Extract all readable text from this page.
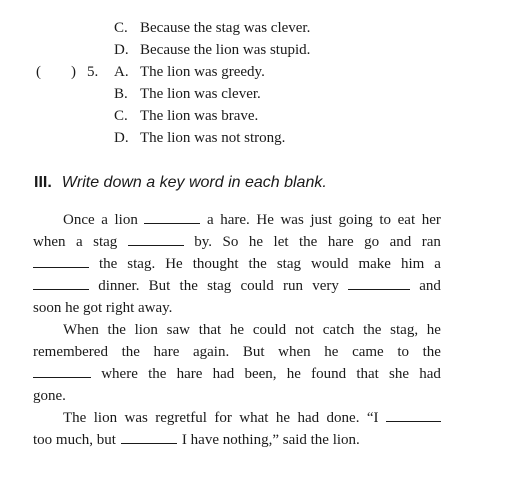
C. Because the stag was clever.
D. Because the lion was stupid.
( ) 5. A. The lion was greedy.
B. The lion was clever.
C. The lion was brave.
D. The lion was not strong.
III. Write down a key word in each blank.
Once a lion	a hare. He was just going to eat her
when a stag	by. So he let the hare go and ran
the stag. He thought the stag would make him a
dinner. But the stag could run very	and
soon he got right away.
When the lion saw that he could not catch the stag, he
remembered the hare again. But when he came to the
where the hare had been, he found that she had
gone.
The lion was regretful for what he had done. “I
too much, but	I have nothing,” said the lion.
